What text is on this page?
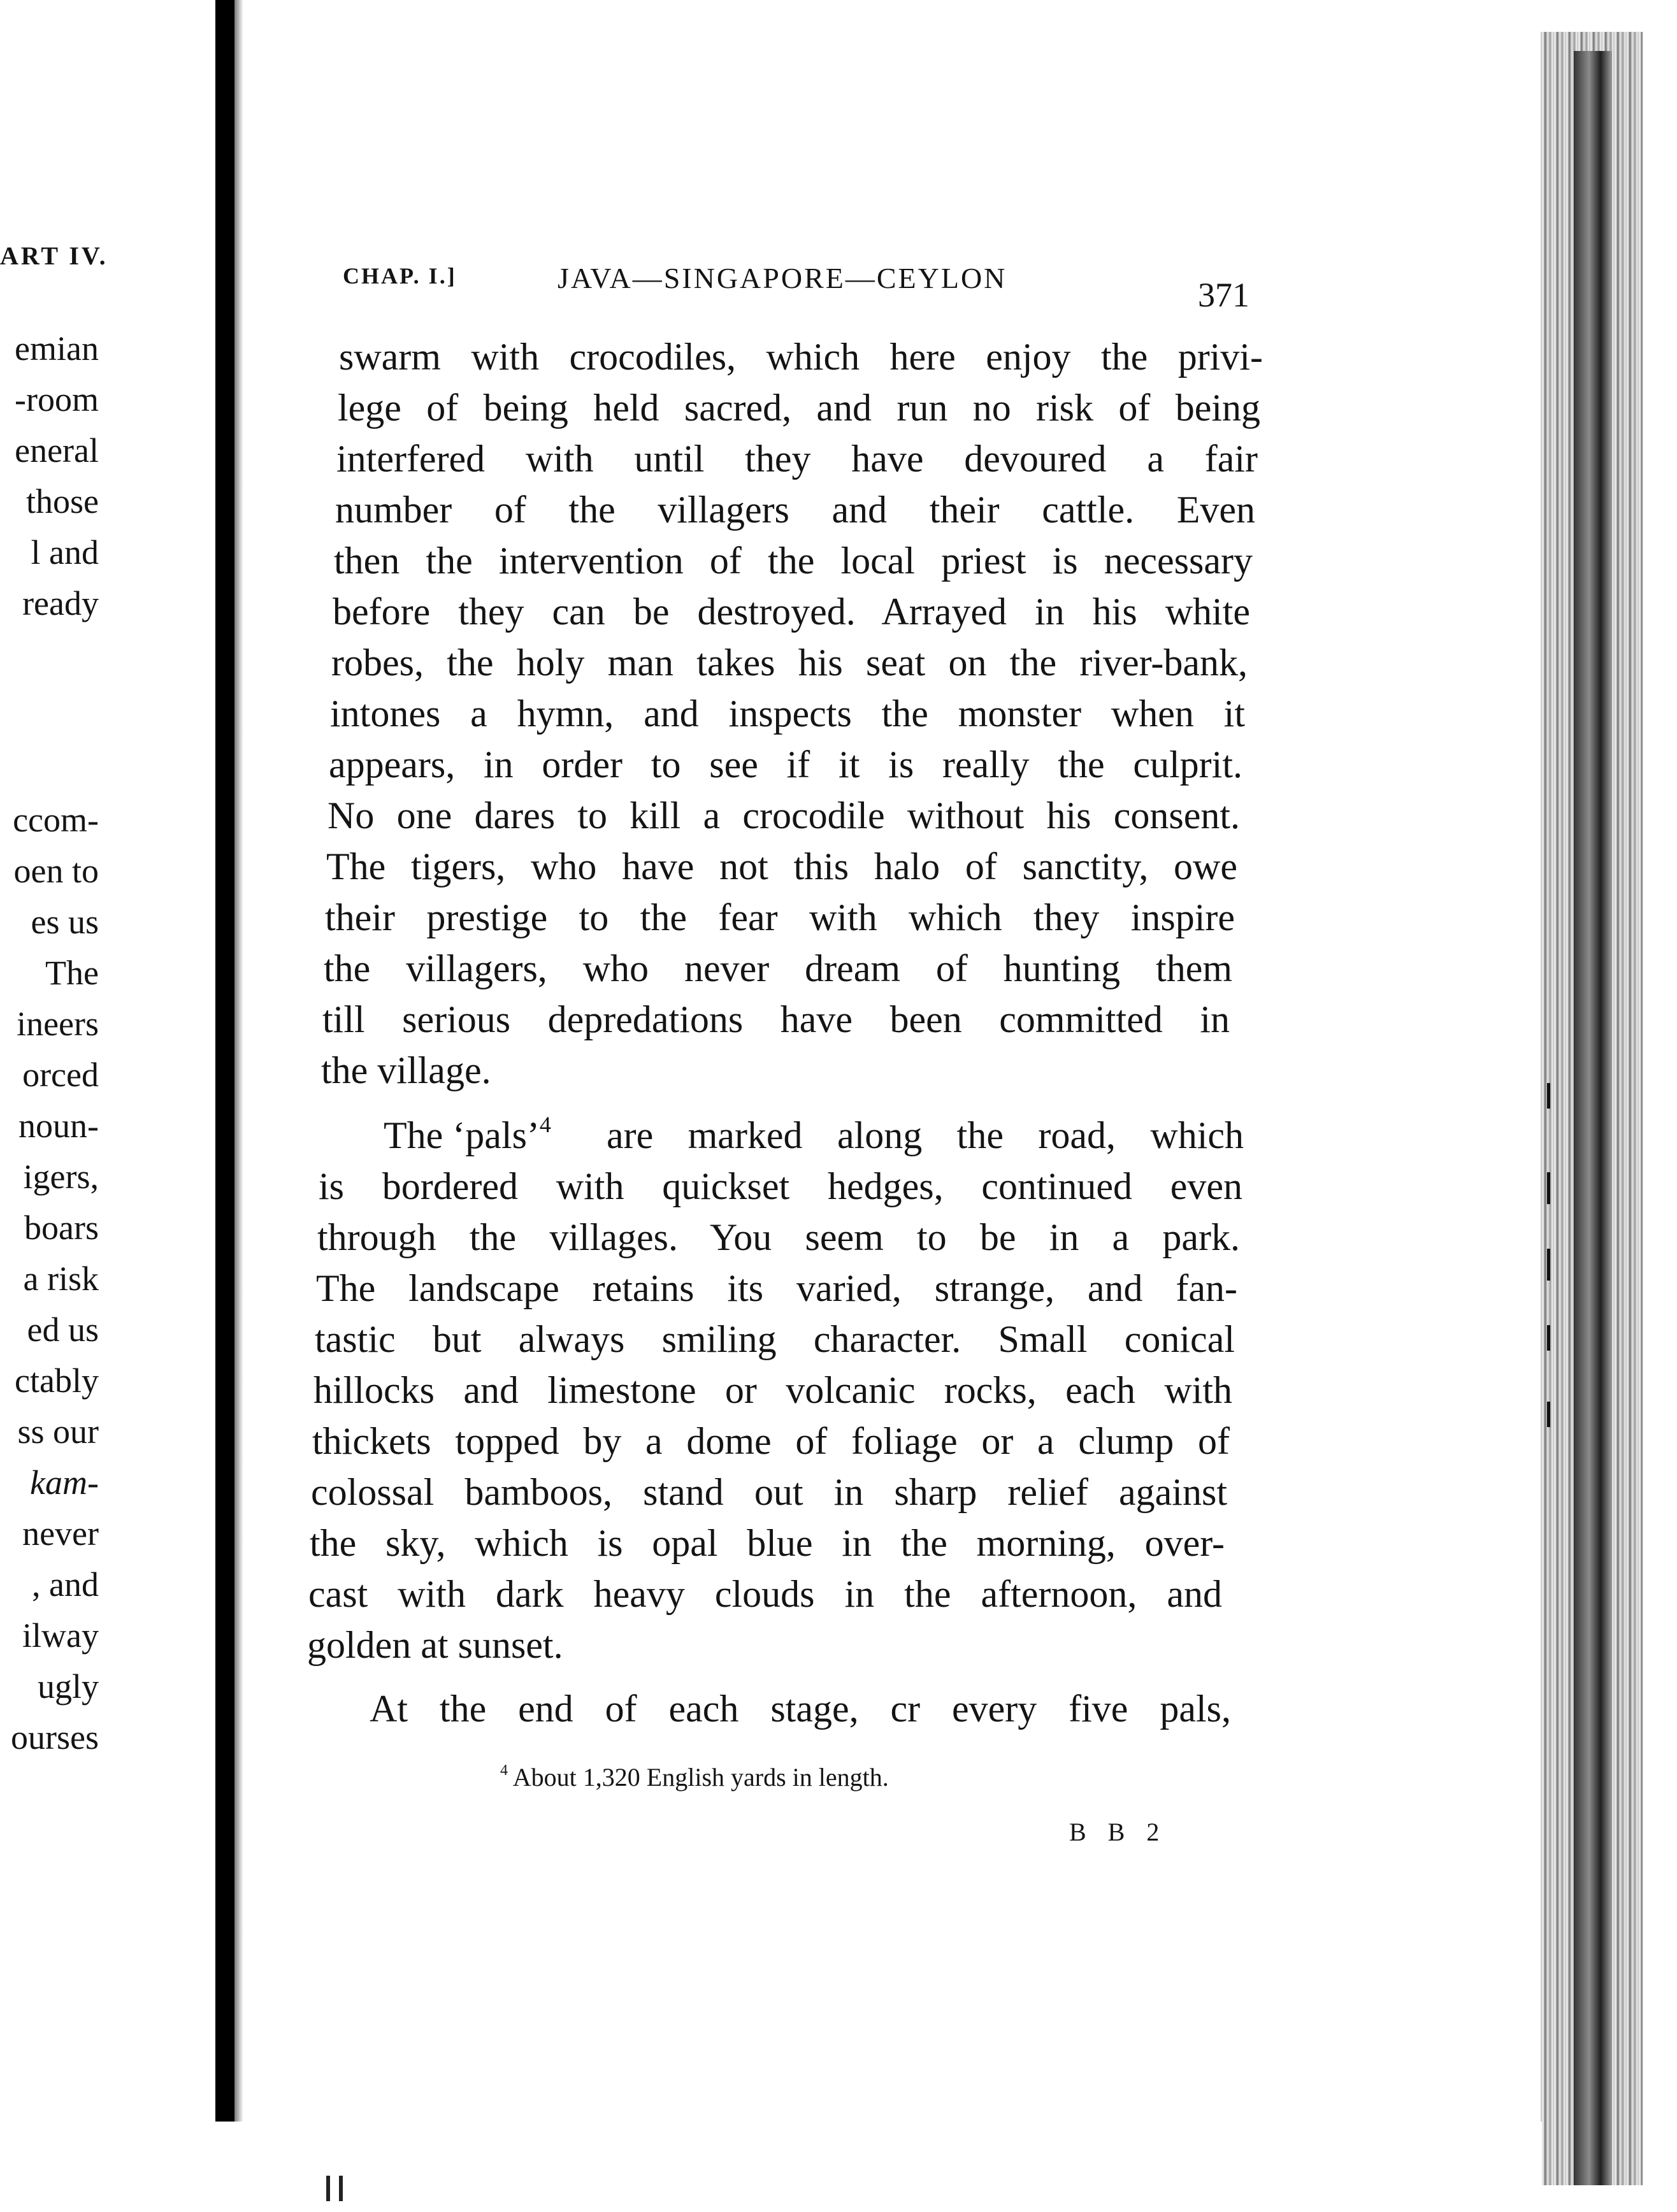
ART IV.
emian
-room
eneral
those
l and
ready
ccom-
oen to
es us
The
ineers
orced
noun-
igers,
boars
a risk
ed us
ctably
ss our
kam-
never
, and
ilway
ugly
ourses
CHAP. I.]	JAVA—SINGAPORE—CEYLON	371
swarm with crocodiles, which here enjoy the privi-
lege of being held sacred, and run no risk of being
interfered with until they have devoured a fair
number of the villagers and their cattle. Even
then the intervention of the local priest is necessary
before they can be destroyed. Arrayed in his white
robes, the holy man takes his seat on the river-bank,
intones a hymn, and inspects the monster when it
appears, in order to see if it is really the culprit.
No one dares to kill a crocodile without his consent.
The tigers, who have not this halo of sanctity, owe
their prestige to the fear with which they inspire
the villagers, who never dream of hunting them
till serious depredations have been committed in
the village.
The ‘pals’$^4$ are marked along the road, which
is bordered with quickset hedges, continued even
through the villages. You seem to be in a park.
The landscape retains its varied, strange, and fan-
tastic but always smiling character. Small conical
hillocks and limestone or volcanic rocks, each with
thickets topped by a dome of foliage or a clump of
colossal bamboos, stand out in sharp relief against
the sky, which is opal blue in the morning, over-
cast with dark heavy clouds in the afternoon, and
golden at sunset.
At the end of each stage, cr every five pals,
$^4$ About 1,320 English yards in length.
B B 2
